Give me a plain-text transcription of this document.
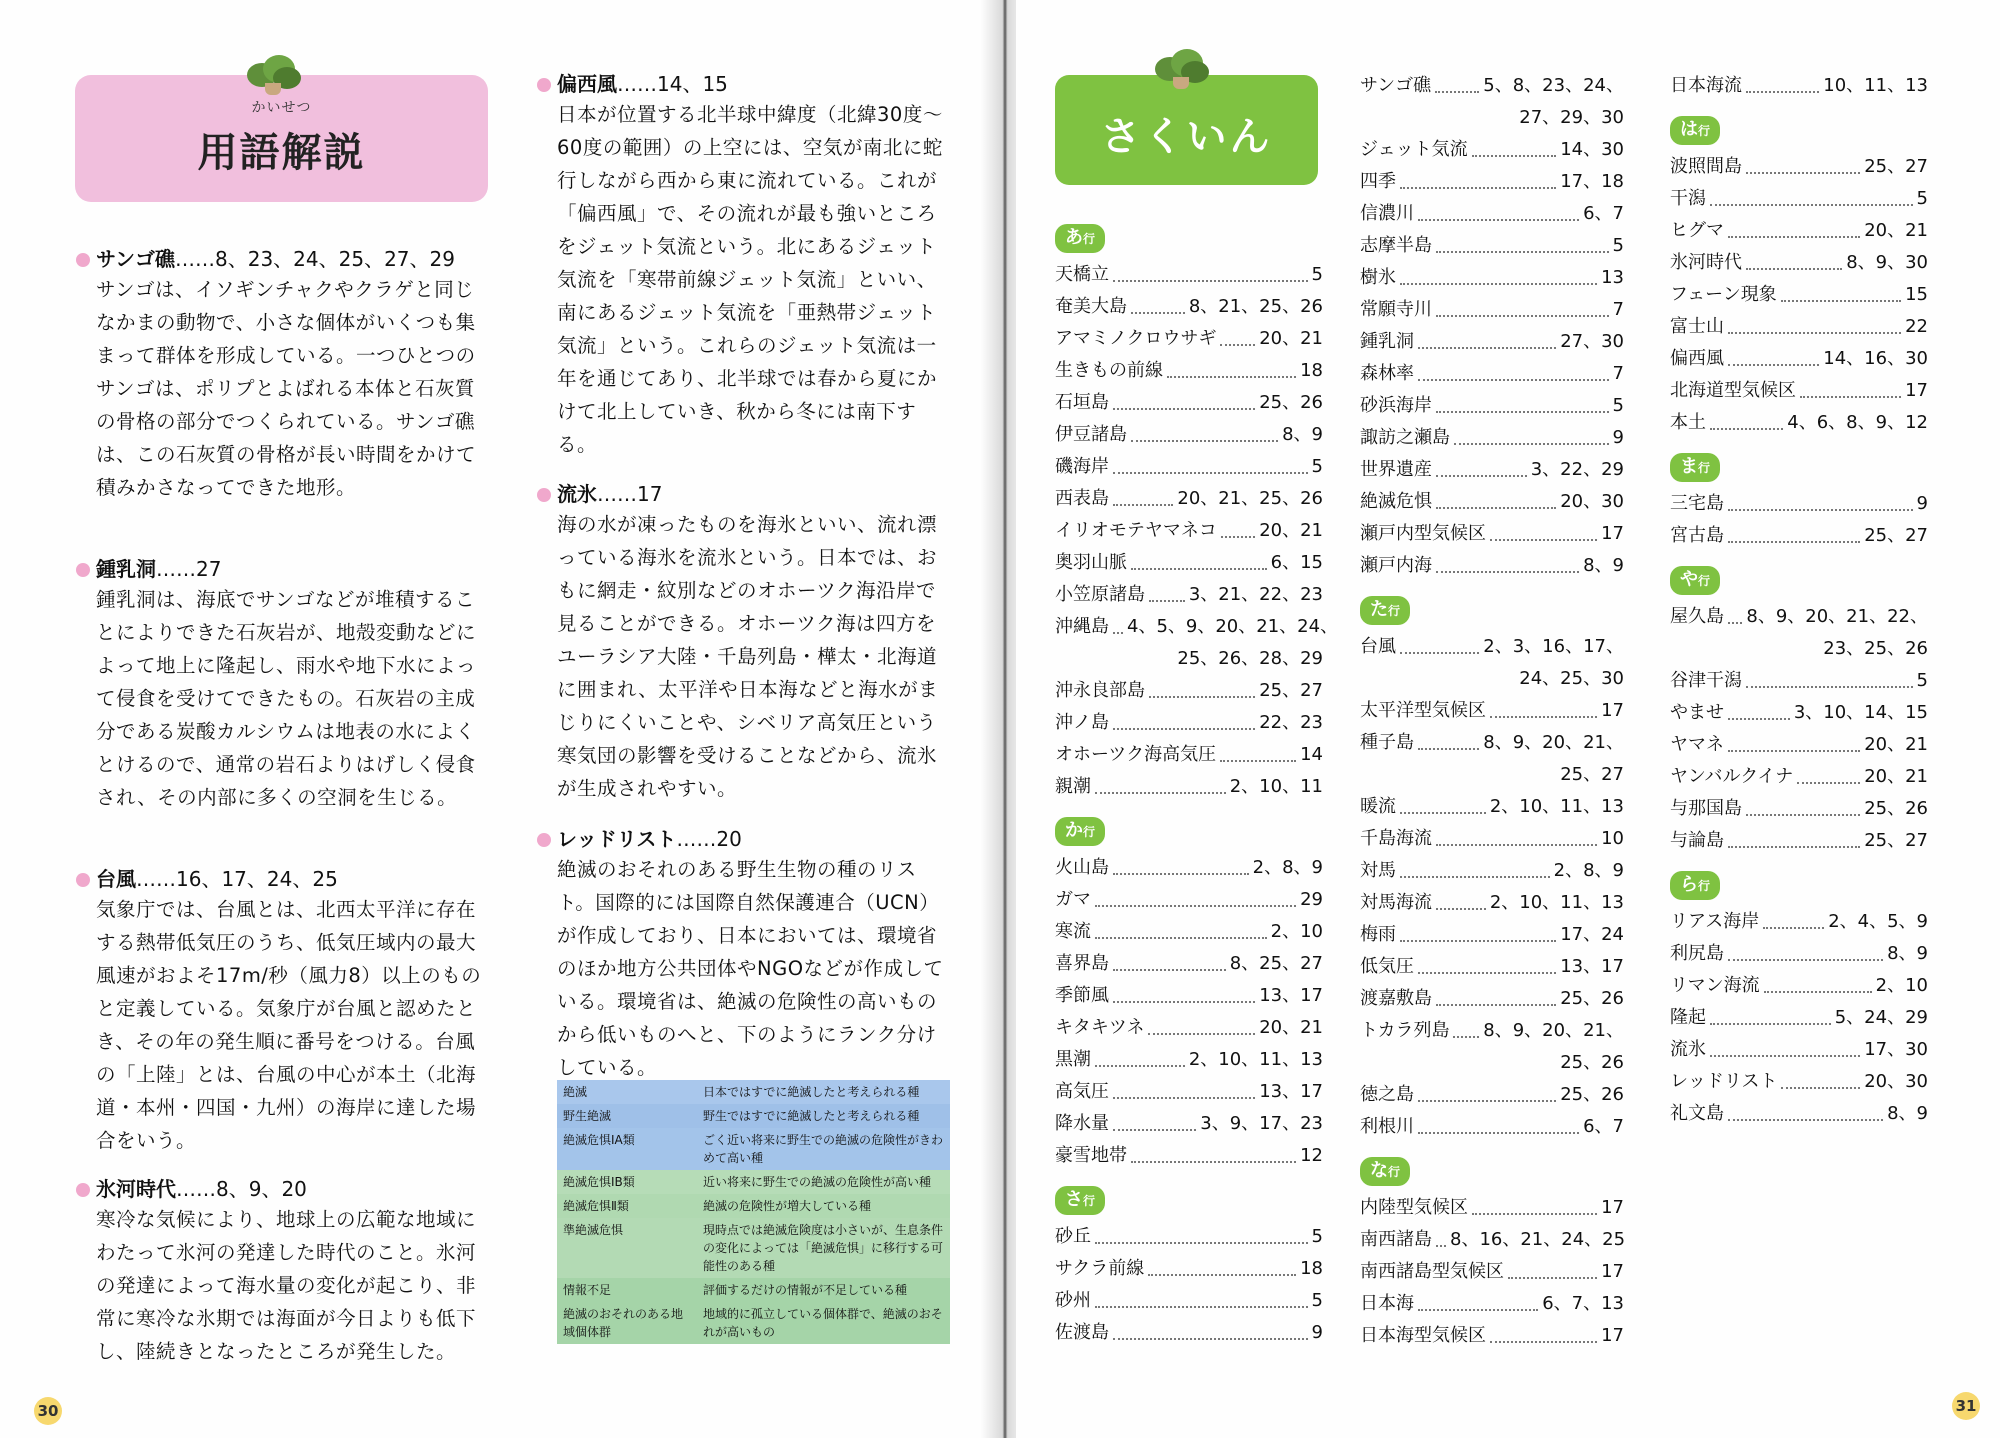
かいせつ
用語解説
サンゴ礁……8、23、24、25、27、29
サンゴは、イソギンチャクやクラゲと同じなかまの動物で、小さな個体がいくつも集まって群体を形成している。一つひとつのサンゴは、ポリプとよばれる本体と石灰質の骨格の部分でつくられている。サンゴ礁は、この石灰質の骨格が長い時間をかけて積みかさなってできた地形。
鍾乳洞……27
鍾乳洞は、海底でサンゴなどが堆積することによりできた石灰岩が、地殻変動などによって地上に隆起し、雨水や地下水によって侵食を受けてできたもの。石灰岩の主成分である炭酸カルシウムは地表の水によくとけるので、通常の岩石よりはげしく侵食され、その内部に多くの空洞を生じる。
台風……16、17、24、25
気象庁では、台風とは、北西太平洋に存在する熱帯低気圧のうち、低気圧域内の最大風速がおよそ17m/秒（風力8）以上のものと定義している。気象庁が台風と認めたとき、その年の発生順に番号をつける。台風の「上陸」とは、台風の中心が本土（北海道・本州・四国・九州）の海岸に達した場合をいう。
氷河時代……8、9、20
寒冷な気候により、地球上の広範な地域にわたって氷河の発達した時代のこと。氷河の発達によって海水量の変化が起こり、非常に寒冷な氷期では海面が今日よりも低下し、陸続きとなったところが発生した。
偏西風……14、15
日本が位置する北半球中緯度（北緯30度～60度の範囲）の上空には、空気が南北に蛇行しながら西から東に流れている。これが「偏西風」で、その流れが最も強いところをジェット気流という。北にあるジェット気流を「寒帯前線ジェット気流」といい、南にあるジェット気流を「亜熱帯ジェット気流」という。これらのジェット気流は一年を通じてあり、北半球では春から夏にかけて北上していき、秋から冬には南下する。
流氷……17
海の水が凍ったものを海氷といい、流れ漂っている海氷を流氷という。日本では、おもに網走・紋別などのオホーツク海沿岸で見ることができる。オホーツク海は四方をユーラシア大陸・千島列島・樺太・北海道に囲まれ、太平洋や日本海などと海水がまじりにくいことや、シベリア高気圧という寒気団の影響を受けることなどから、流氷が生成されやすい。
レッドリスト……20
絶滅のおそれのある野生生物の種のリスト。国際的には国際自然保護連合（UCN）が作成しており、日本においては、環境省のほか地方公共団体やNGOなどが作成している。環境省は、絶滅の危険性の高いものから低いものへと、下のようにランク分けしている。
絶滅	日本ではすでに絶滅したと考えられる種
野生絶滅	野生ではすでに絶滅したと考えられる種
絶滅危惧ⅠA類	ごく近い将来に野生での絶滅の危険性がきわめて高い種
絶滅危惧ⅠB類	近い将来に野生での絶滅の危険性が高い種
絶滅危惧Ⅱ類	絶滅の危険性が増大している種
準絶滅危惧	現時点では絶滅危険度は小さいが、生息条件の変化によっては「絶滅危惧」に移行する可能性のある種
情報不足	評価するだけの情報が不足している種
絶滅のおそれのある地域個体群	地域的に孤立している個体群で、絶滅のおそれが高いもの
30	31
さくいん
あ行
天橋立	5
奄美大島	8、21、25、26
アマミノクロウサギ 20、21
生きもの前線	18
石垣島	25、26
伊豆諸島	8、9
磯海岸	5
西表島	20、21、25、26
イリオモテヤマネコ 20、21
奥羽山脈	6、15
小笠原諸島 3、21、22、23
沖縄島 4、5、9、20、21、24、
25、26、28、29
沖永良部島	25、27
沖ノ島	22、23
オホーツク海高気圧	14
親潮	2、10、11
か行
火山島	2、8、9
ガマ	29
寒流	2、10
喜界島	8、25、27
季節風	13、17
キタキツネ	20、21
黒潮	2、10、11、13
高気圧	13、17
降水量	3、9、17、23
豪雪地帯	12
さ行
砂丘	5
サクラ前線	18
砂州	5
佐渡島	9
サンゴ礁	5、8、23、24、
27、29、30
ジェット気流	14、30
四季	17、18
信濃川	6、7
志摩半島	5
樹氷	13
常願寺川	7
鍾乳洞	27、30
森林率	7
砂浜海岸	5
諏訪之瀬島	9
世界遺産	3、22、29
絶滅危惧	20、30
瀬戸内型気候区	17
瀬戸内海	8、9
た行
台風	2、3、16、17、
24、25、30
太平洋型気候区	17
種子島	8、9、20、21、
25、27
暖流	2、10、11、13
千島海流	10
対馬	2、8、9
対馬海流	2、10、11、13
梅雨	17、24
低気圧	13、17
渡嘉敷島	25、26
トカラ列島 8、9、20、21、
25、26
徳之島	25、26
利根川	6、7
な行
内陸型気候区	17
南西諸島 8、16、21、24、25
南西諸島型気候区	17
日本海	6、7、13
日本海型気候区	17
日本海流	10、11、13
は行
波照間島	25、27
干潟	5
ヒグマ	20、21
氷河時代	8、9、30
フェーン現象	15
富士山	22
偏西風	14、16、30
北海道型気候区	17
本土	4、6、8、9、12
ま行
三宅島	9
宮古島	25、27
や行
屋久島 8、9、20、21、22、
23、25、26
谷津干潟	5
やませ	3、10、14、15
ヤマネ	20、21
ヤンバルクイナ	20、21
与那国島	25、26
与論島	25、27
ら行
リアス海岸	2、4、5、9
利尻島	8、9
リマン海流	2、10
隆起	5、24、29
流氷	17、30
レッドリスト	20、30
礼文島	8、9
